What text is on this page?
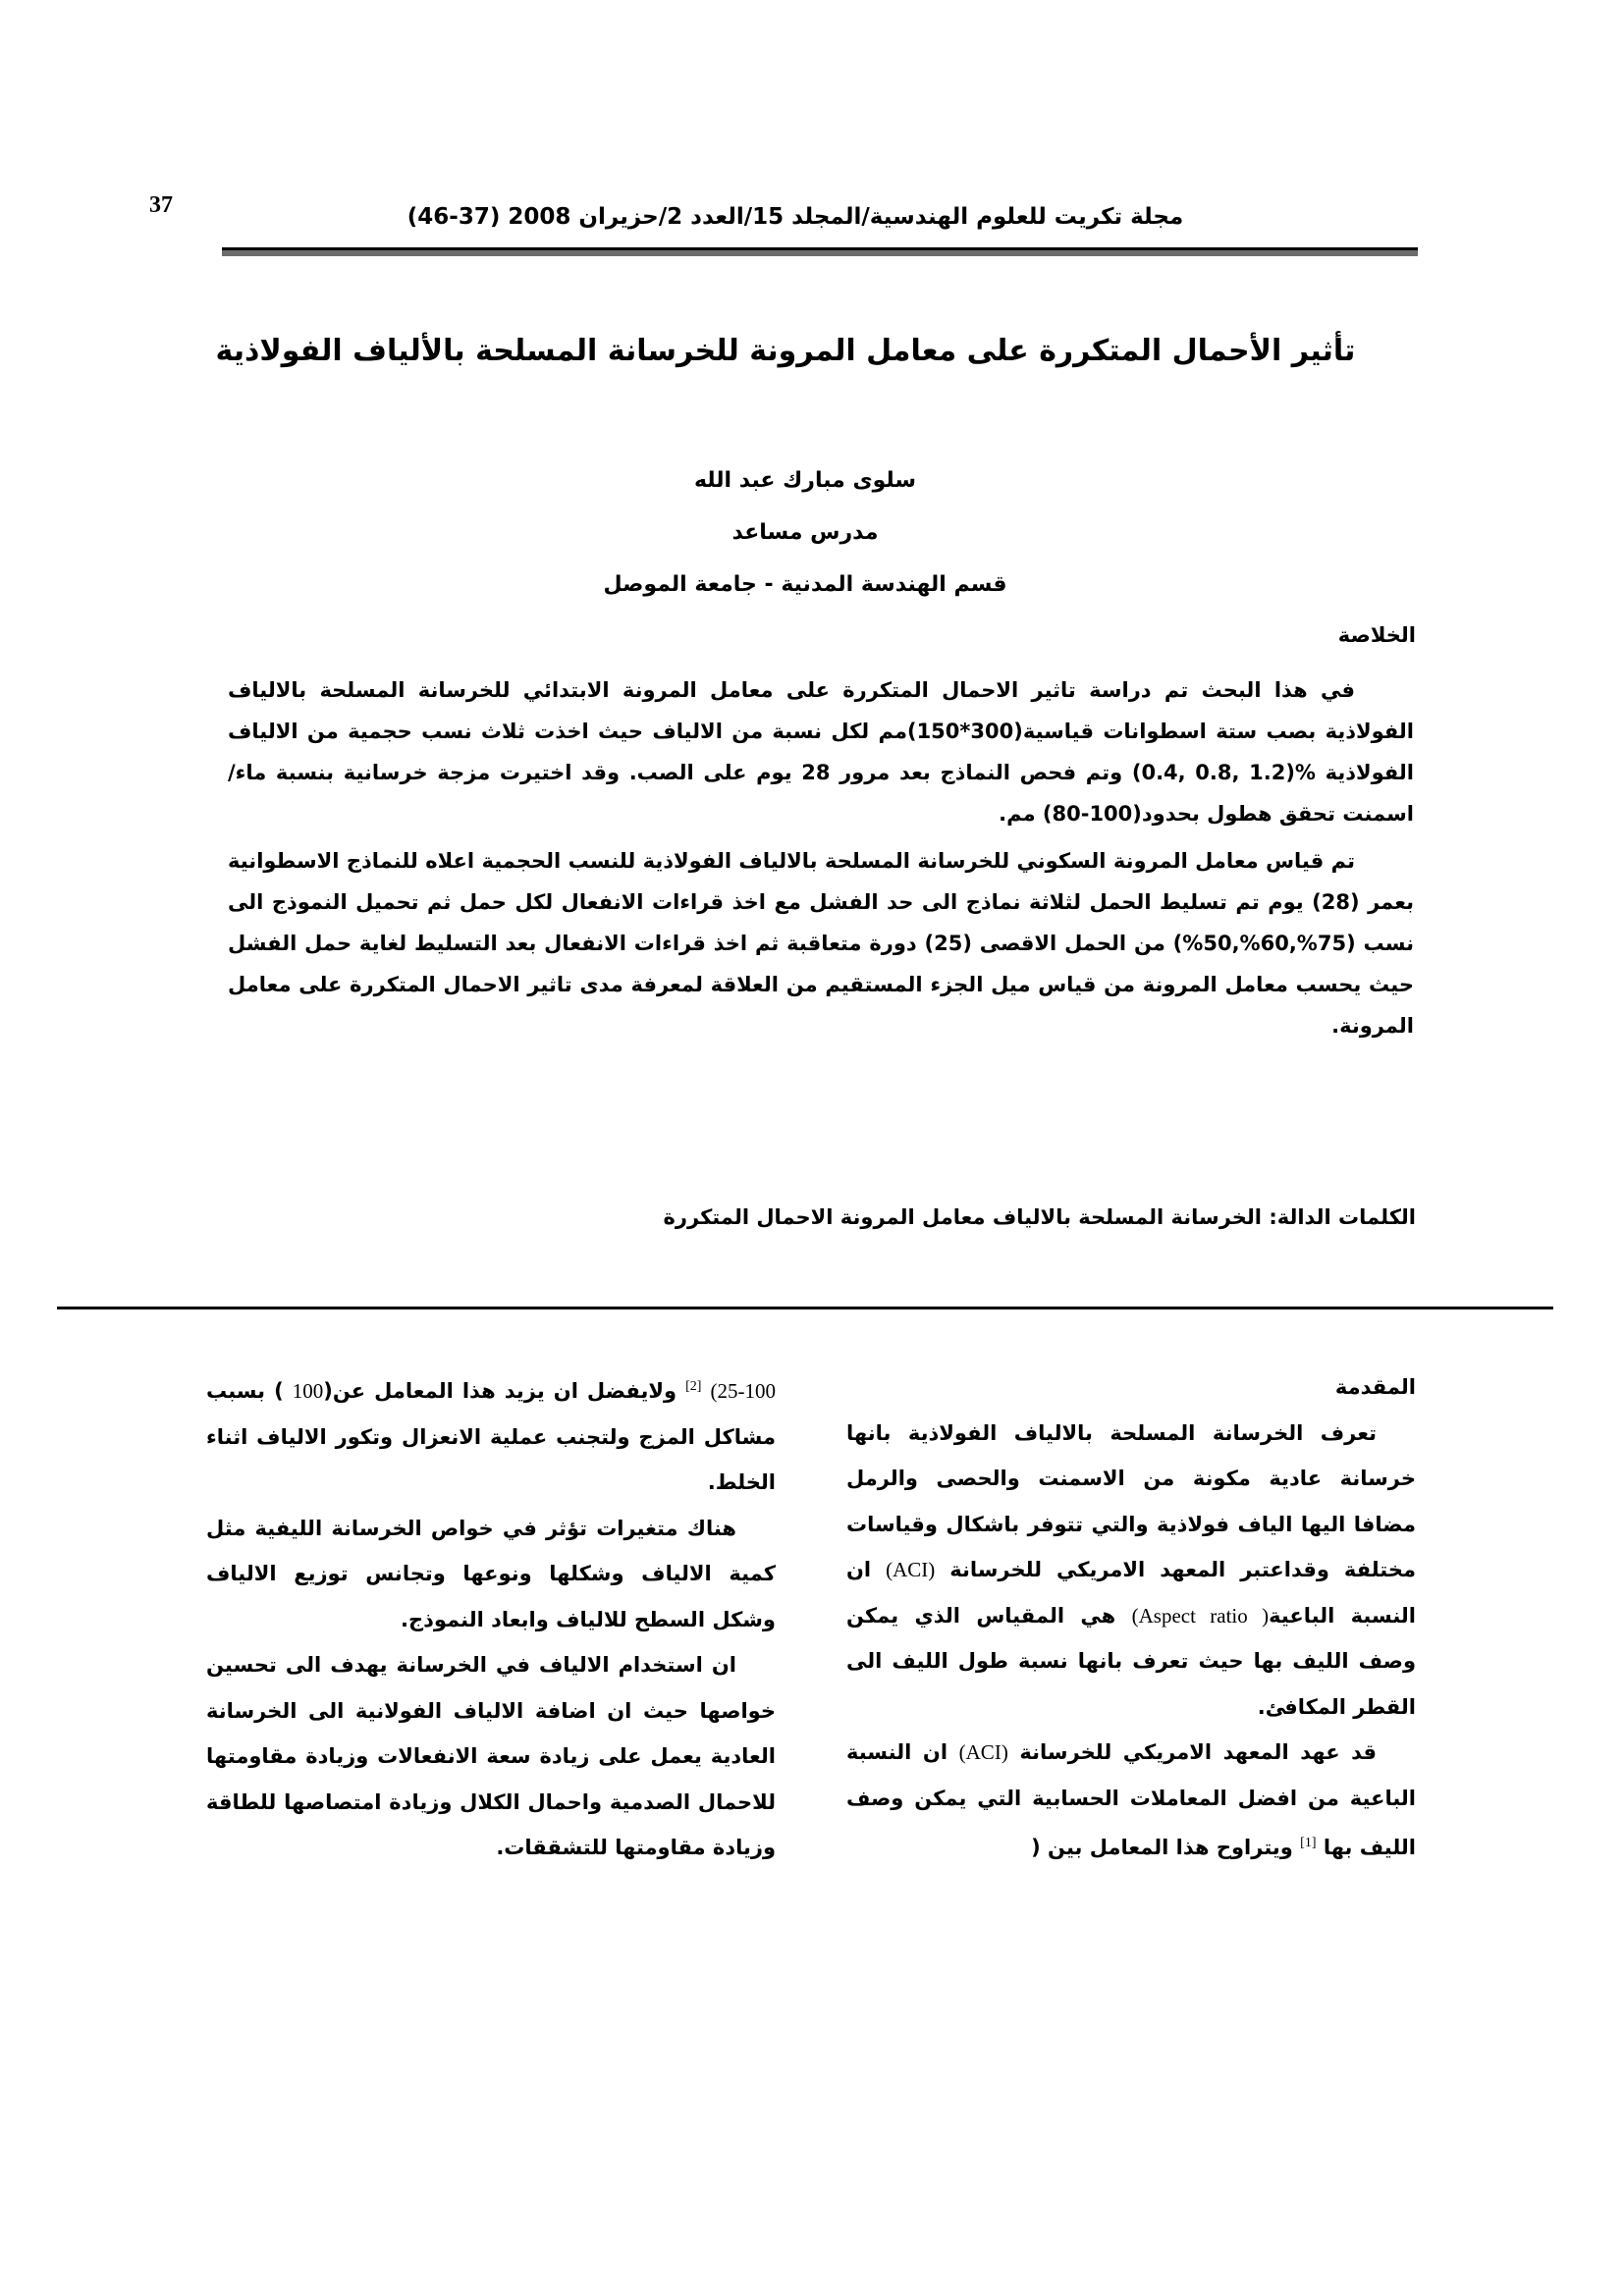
37	مجلة تكريت للعلوم الهندسية/المجلد 15/العدد 2/حزيران 2008 (37-46)
تأثير الأحمال المتكررة على معامل المرونة للخرسانة المسلحة بالألياف الفولاذية
سلوى مبارك عبد الله
مدرس مساعد
قسم الهندسة المدنية - جامعة الموصل
الخلاصة

في هذا البحث تم دراسة تاثير الاحمال المتكررة على معامل المرونة الابتدائي للخرسانة المسلحة بالالياف الفولاذية بصب ستة اسطوانات قياسية(300*150)مم لكل نسبة من الالياف حيث اخذت ثلاث نسب حجمية من الالياف الفولاذية %(1.2 ,0.8 ,0.4) وتم فحص النماذج بعد مرور 28 يوم على الصب. وقد اختيرت مزجة خرسانية بنسبة ماء/اسمنت تحقق هطول بحدود(100-80) مم.

تم قياس معامل المرونة السكوني للخرسانة المسلحة بالالياف الفولاذية للنسب الحجمية اعلاه للنماذج الاسطوانية بعمر (28) يوم تم تسليط الحمل لثلاثة نماذج الى حد الفشل مع اخذ قراءات الانفعال لكل حمل ثم تحميل النموذج الى نسب (75%,60%,50%) من الحمل الاقصى (25) دورة متعاقبة ثم اخذ قراءات الانفعال بعد التسليط لغاية حمل الفشل حيث يحسب معامل المرونة من قياس ميل الجزء المستقيم من العلاقة لمعرفة مدى تاثير الاحمال المتكررة على معامل المرونة.

الكلمات الدالة: الخرسانة المسلحة بالالياف معامل المرونة الاحمال المتكررة
المقدمة

تعرف الخرسانة المسلحة بالالياف الفولاذية بانها خرسانة عادية مكونة من الاسمنت والحصى والرمل مضافا اليها الياف فولاذية والتي تتوفر باشكال وقياسات مختلفة وقداعتبر المعهد الامريكي للخرسانة (ACI) ان النسبة الباعية( Aspect ratio) هي المقياس الذي يمكن وصف الليف بها حيث تعرف بانها نسبة طول الليف الى القطر المكافئ.

قد عهد المعهد الامريكي للخرسانة (ACI) ان النسبة الباعية من افضل المعاملات الحسابية التي يمكن وصف الليف بها [1] ويتراوح هذا المعامل بين (

25-100) [2] ولايفضل ان يزيد هذا المعامل عن(100 ) بسبب مشاكل المزج ولتجنب عملية الانعزال وتكور الالياف اثناء الخلط.

هناك متغيرات تؤثر في خواص الخرسانة الليفية مثل كمية الالياف وشكلها ونوعها وتجانس توزيع الالياف وشكل السطح للالياف وابعاد النموذج.

ان استخدام الالياف في الخرسانة يهدف الى تحسين خواصها حيث ان اضافة الالياف الفولانية الى الخرسانة العادية يعمل على زيادة سعة الانفعالات وزيادة مقاومتها للاحمال الصدمية واحمال الكلال وزيادة امتصاصها للطاقة وزيادة مقاومتها للتشققات.
